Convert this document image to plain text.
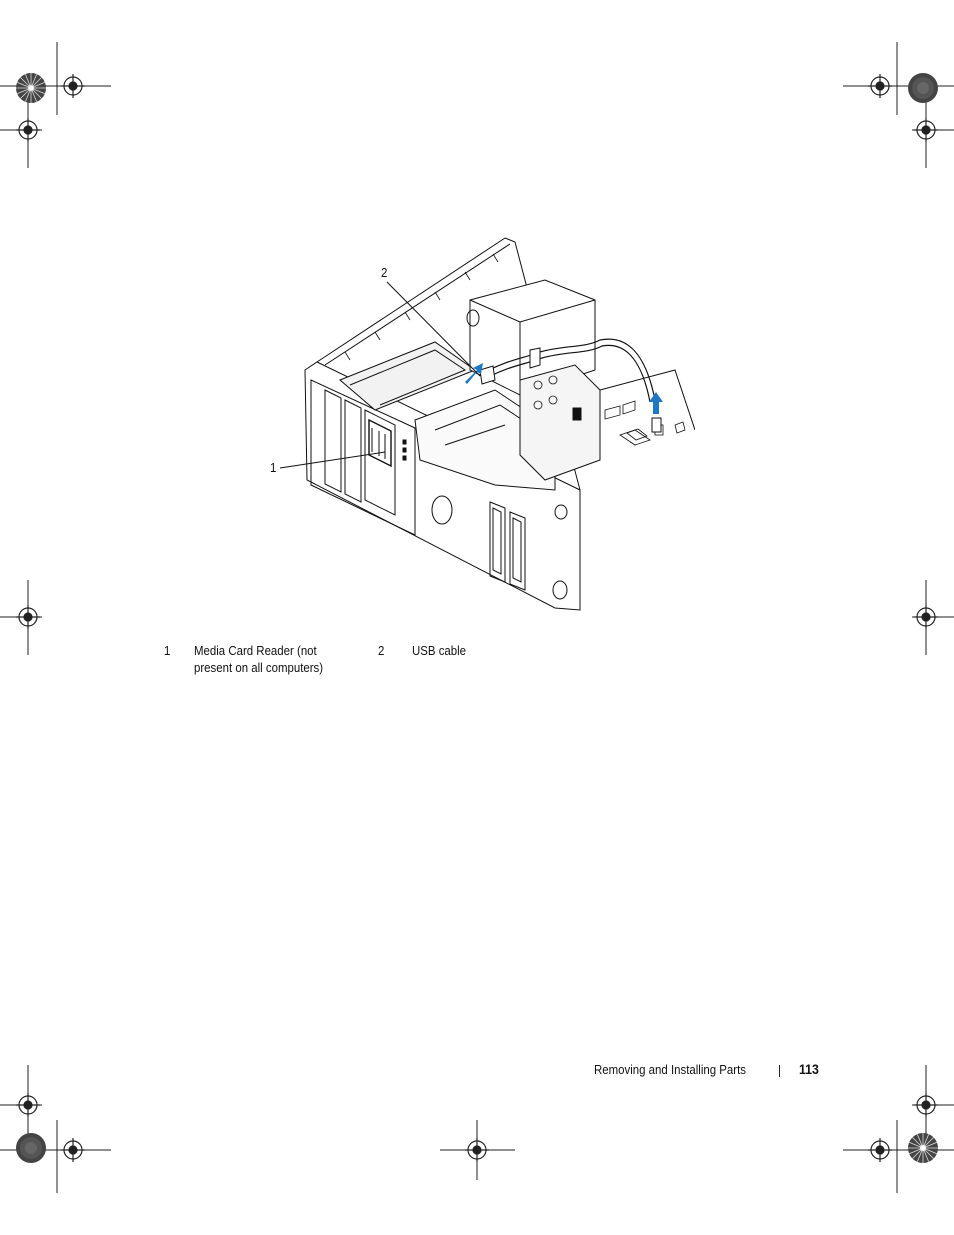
2
1
1 Media Card Reader (not
present on all computers)
2 USB cable
Removing and Installing Parts	113
